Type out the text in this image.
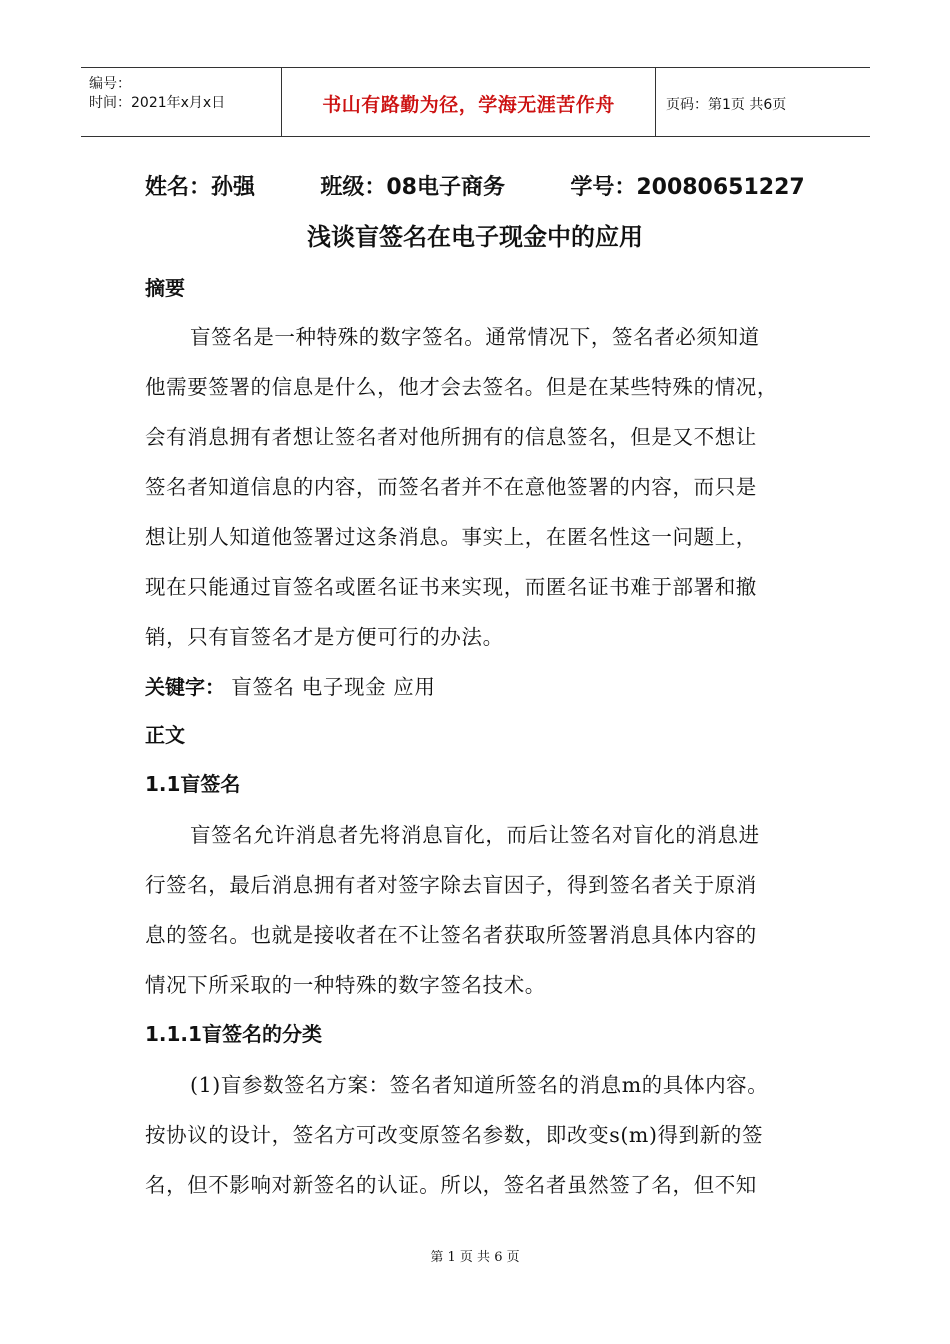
编号：
时间：2021年x月x日	书山有路勤为径，学海无涯苦作舟	页码：第1页 共6页
姓名：孙强	班级：08电子商务	学号：20080651227
浅谈盲签名在电子现金中的应用
摘要
盲签名是一种特殊的数字签名。通常情况下，签名者必须知道
他需要签署的信息是什么，他才会去签名。但是在某些特殊的情况，
会有消息拥有者想让签名者对他所拥有的信息签名，但是又不想让
签名者知道信息的内容，而签名者并不在意他签署的内容，而只是
想让别人知道他签署过这条消息。事实上，在匿名性这一问题上，
现在只能通过盲签名或匿名证书来实现，而匿名证书难于部署和撤
销，只有盲签名才是方便可行的办法。
关键字： 盲签名 电子现金 应用
正文
1.1盲签名
盲签名允许消息者先将消息盲化，而后让签名对盲化的消息进
行签名，最后消息拥有者对签字除去盲因子，得到签名者关于原消
息的签名。也就是接收者在不让签名者获取所签署消息具体内容的
情况下所采取的一种特殊的数字签名技术。
1.1.1盲签名的分类
(1)盲参数签名方案：签名者知道所签名的消息m的具体内容。
按协议的设计，签名方可改变原签名参数，即改变s(m)得到新的签
名，但不影响对新签名的认证。所以，签名者虽然签了名，但不知
第 1 页 共 6 页
